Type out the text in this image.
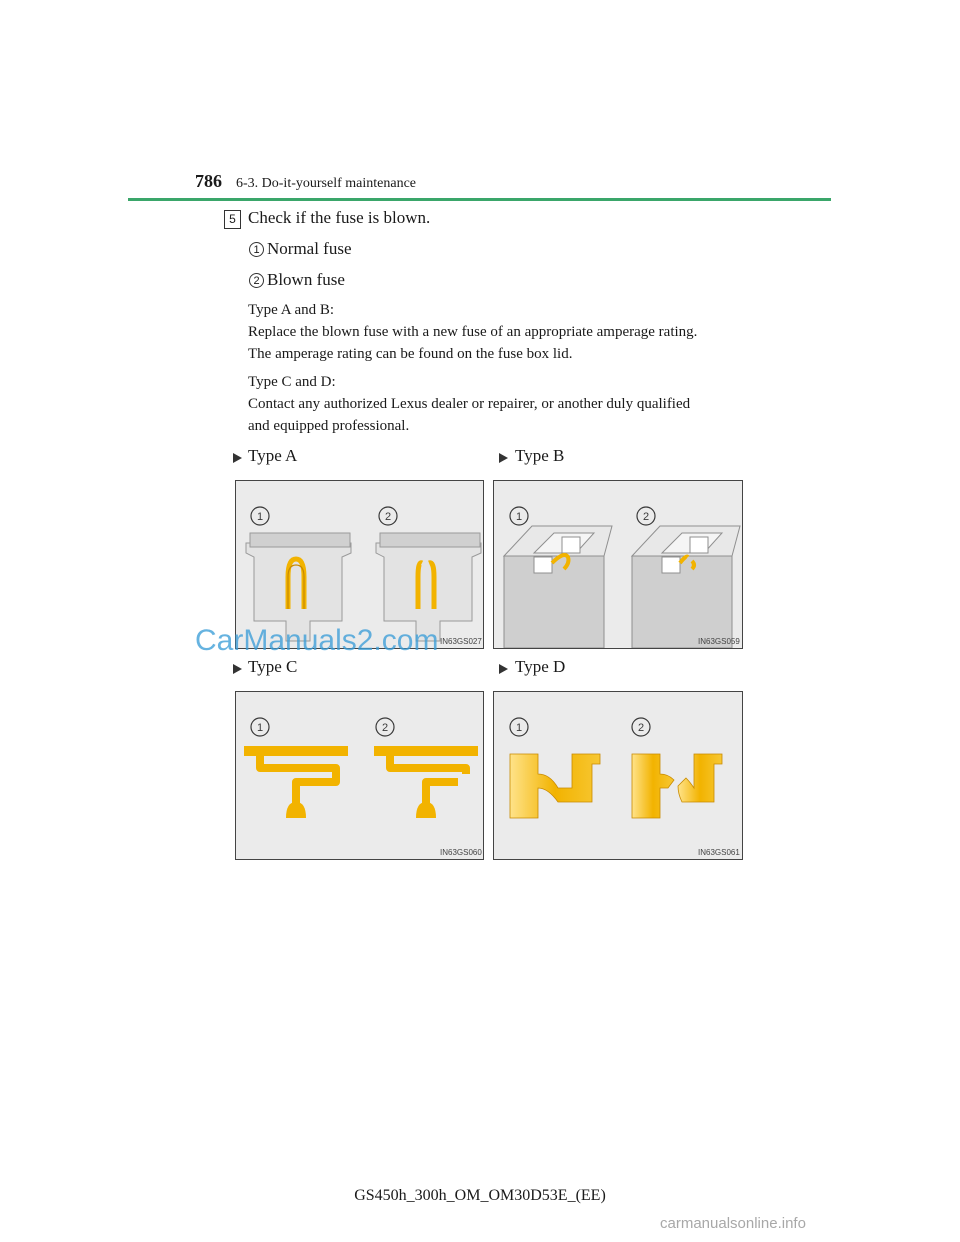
786 6-3. Do-it-yourself maintenance
5 Check if the fuse is blown.
1 Normal fuse
2 Blown fuse
Type A and B:
Replace the blown fuse with a new fuse of an appropriate amperage rating.
The amperage rating can be found on the fuse box lid.
Type C and D:
Contact any authorized Lexus dealer or repairer, or another duly qualified
and equipped professional.
Type A	Type B
Type C	Type D
1	2
IN63GS027
1	2
IN63GS059
1	2
IN63GS060
1	2
IN63GS061
CarManuals2.com
GS450h_300h_OM_OM30D53E_(EE)
carmanualsonline.info
